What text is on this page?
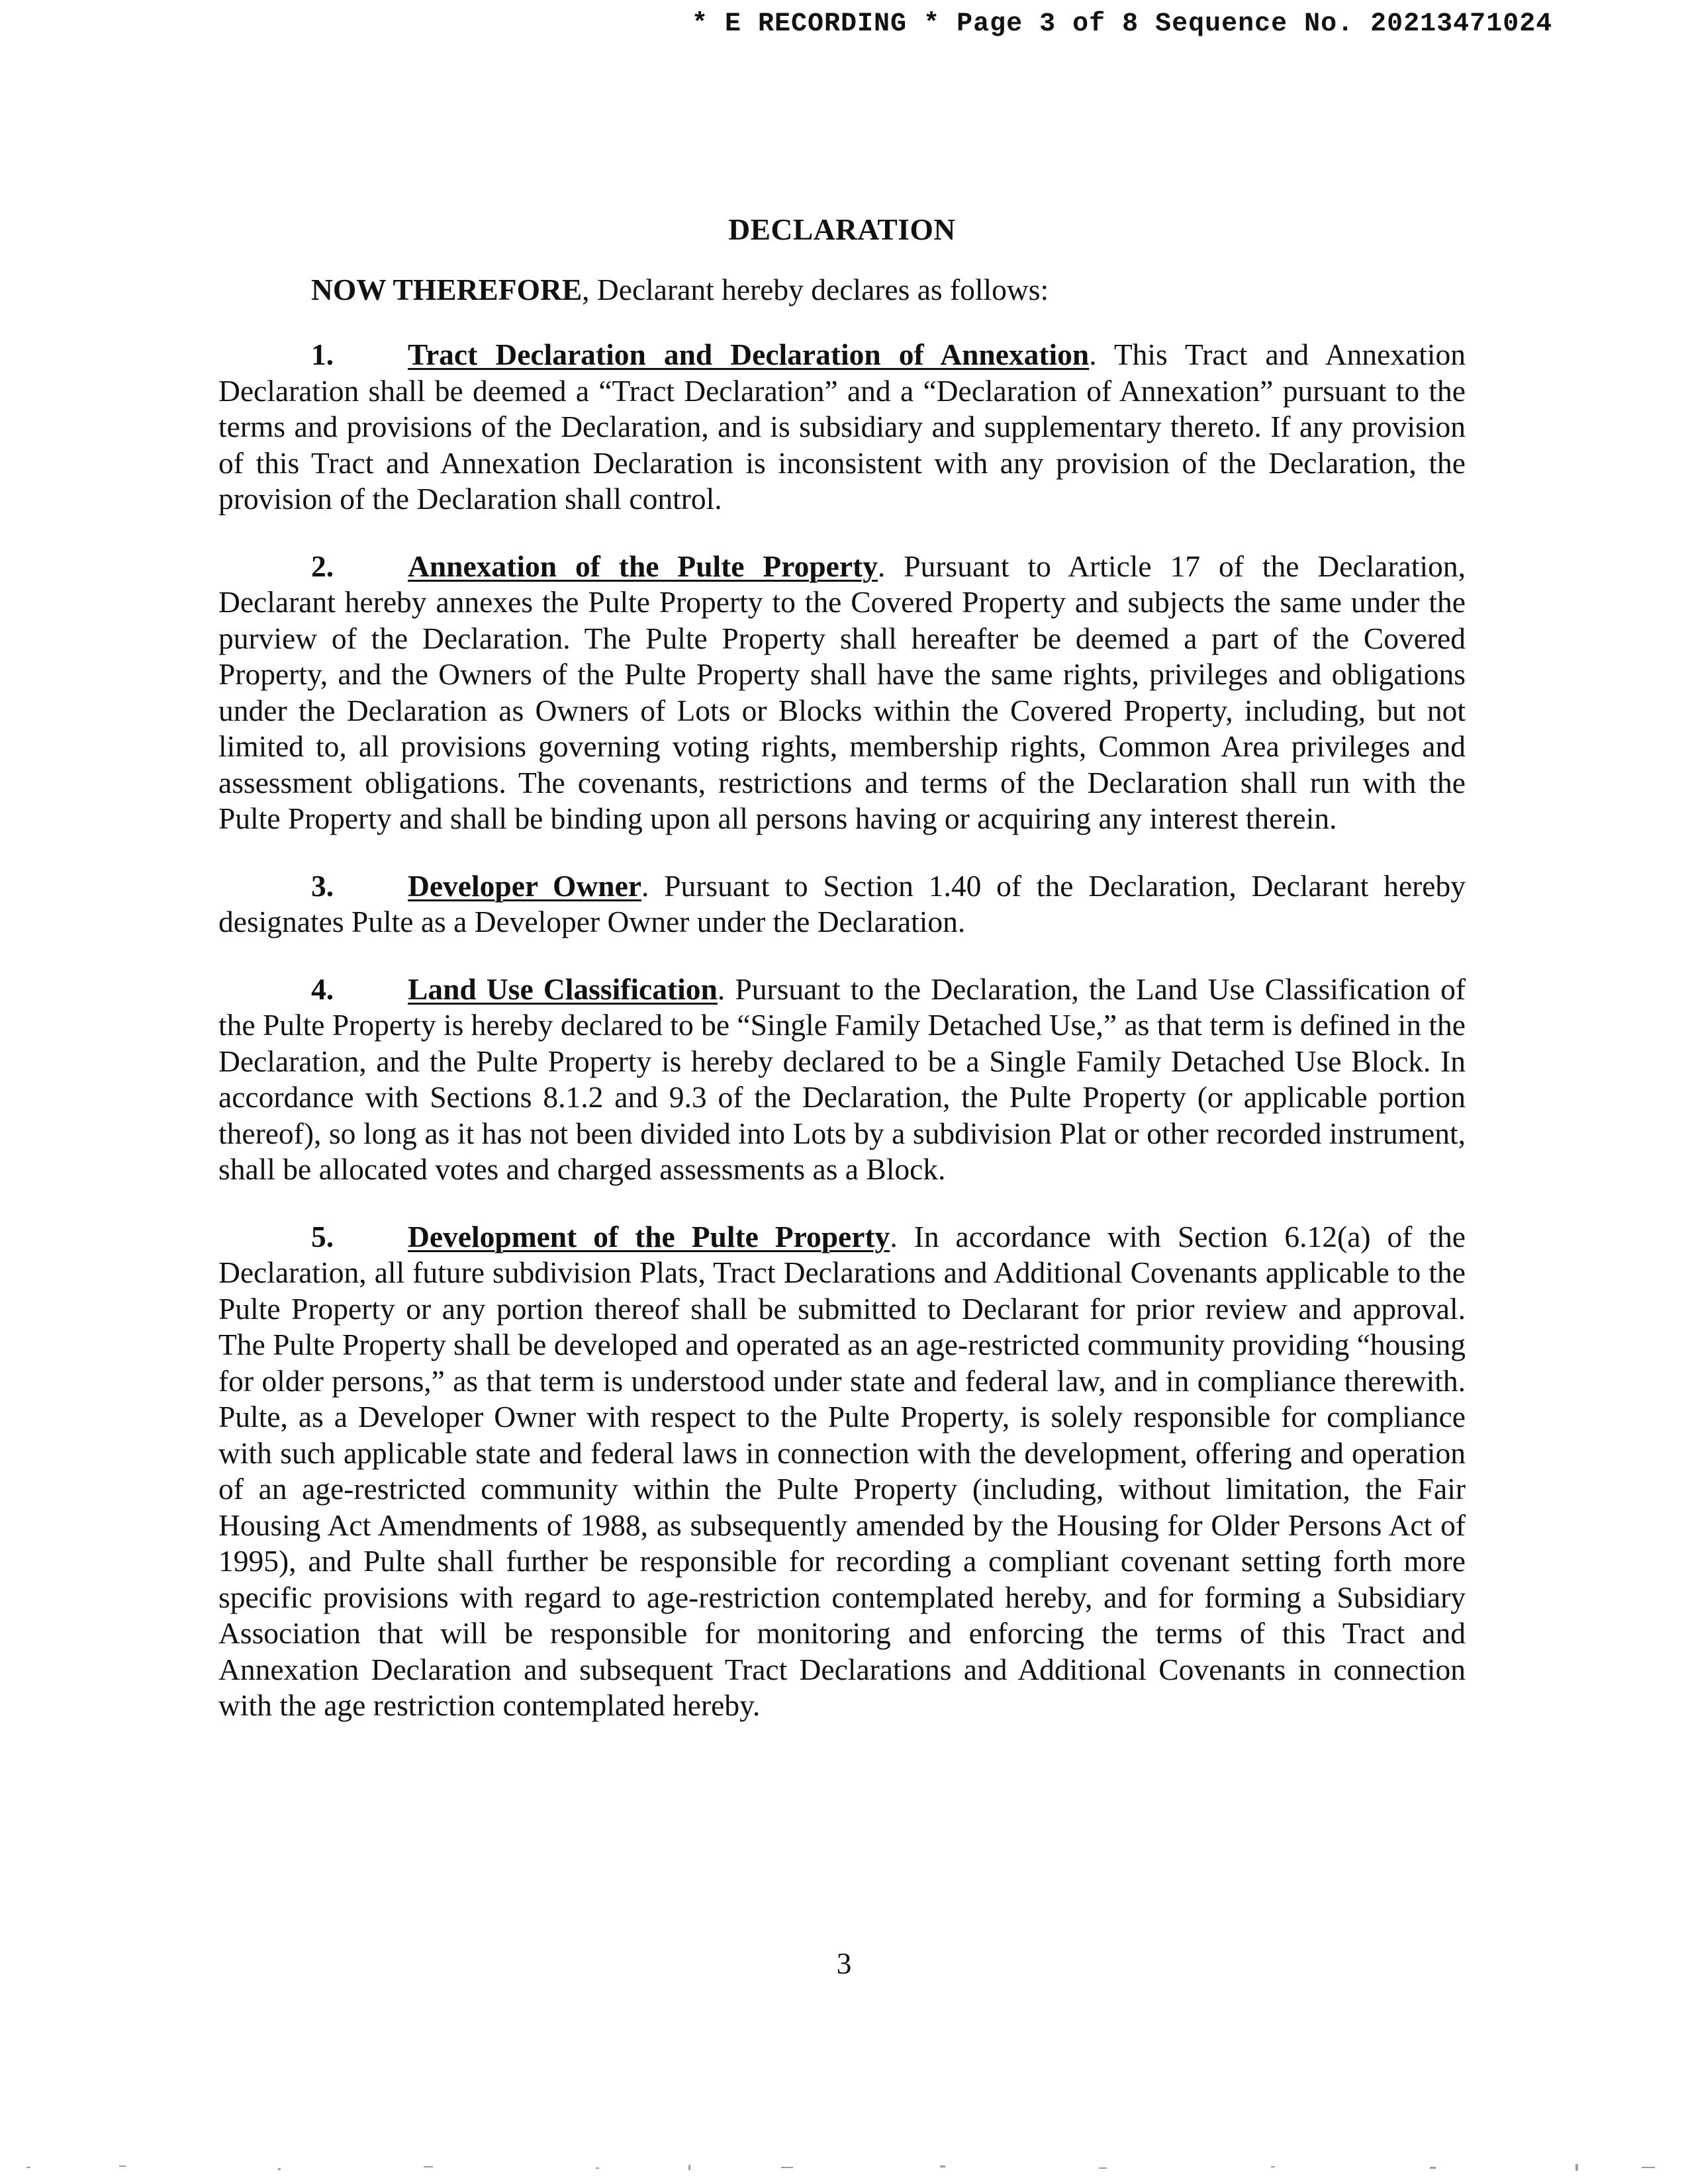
* E RECORDING * Page 3 of 8 Sequence No. 20213471024
DECLARATION

NOW THEREFORE, Declarant hereby declares as follows:

1. Tract Declaration and Declaration of Annexation. This Tract and Annexation Declaration shall be deemed a “Tract Declaration” and a “Declaration of Annexation” pursuant to the terms and provisions of the Declaration, and is subsidiary and supplementary thereto. If any provision of this Tract and Annexation Declaration is inconsistent with any provision of the Declaration, the provision of the Declaration shall control.

2. Annexation of the Pulte Property. Pursuant to Article 17 of the Declaration, Declarant hereby annexes the Pulte Property to the Covered Property and subjects the same under the purview of the Declaration. The Pulte Property shall hereafter be deemed a part of the Covered Property, and the Owners of the Pulte Property shall have the same rights, privileges and obligations under the Declaration as Owners of Lots or Blocks within the Covered Property, including, but not limited to, all provisions governing voting rights, membership rights, Common Area privileges and assessment obligations. The covenants, restrictions and terms of the Declaration shall run with the Pulte Property and shall be binding upon all persons having or acquiring any interest therein.

3. Developer Owner. Pursuant to Section 1.40 of the Declaration, Declarant hereby designates Pulte as a Developer Owner under the Declaration.

4. Land Use Classification. Pursuant to the Declaration, the Land Use Classification of the Pulte Property is hereby declared to be “Single Family Detached Use,” as that term is defined in the Declaration, and the Pulte Property is hereby declared to be a Single Family Detached Use Block. In accordance with Sections 8.1.2 and 9.3 of the Declaration, the Pulte Property (or applicable portion thereof), so long as it has not been divided into Lots by a subdivision Plat or other recorded instrument, shall be allocated votes and charged assessments as a Block.

5. Development of the Pulte Property. In accordance with Section 6.12(a) of the Declaration, all future subdivision Plats, Tract Declarations and Additional Covenants applicable to the Pulte Property or any portion thereof shall be submitted to Declarant for prior review and approval. The Pulte Property shall be developed and operated as an age-restricted community providing “housing for older persons,” as that term is understood under state and federal law, and in compliance therewith. Pulte, as a Developer Owner with respect to the Pulte Property, is solely responsible for compliance with such applicable state and federal laws in connection with the development, offering and operation of an age-restricted community within the Pulte Property (including, without limitation, the Fair Housing Act Amendments of 1988, as subsequently amended by the Housing for Older Persons Act of 1995), and Pulte shall further be responsible for recording a compliant covenant setting forth more specific provisions with regard to age-restriction contemplated hereby, and for forming a Subsidiary Association that will be responsible for monitoring and enforcing the terms of this Tract and Annexation Declaration and subsequent Tract Declarations and Additional Covenants in connection with the age restriction contemplated hereby.

3
